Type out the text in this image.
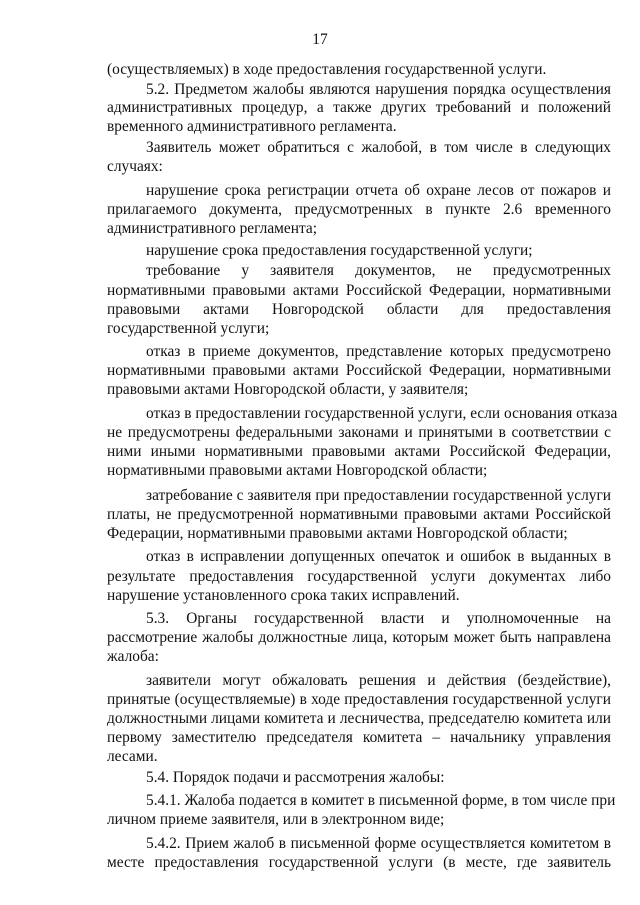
17
(осуществляемых) в ходе предоставления государственной услуги.
5.2. Предметом жалобы являются нарушения порядка осуществления
административных процедур, а также других требований и положений
временного административного регламента.
Заявитель может обратиться с жалобой, в том числе в следующих
случаях:
нарушение срока регистрации отчета об охране лесов от пожаров и
прилагаемого документа, предусмотренных в пункте 2.6 временного
административного регламента;
нарушение срока предоставления государственной услуги;
требование у заявителя документов, не предусмотренных
нормативными правовыми актами Российской Федерации, нормативными
правовыми актами Новгородской области для предоставления
государственной услуги;
отказ в приеме документов, представление которых предусмотрено
нормативными правовыми актами Российской Федерации, нормативными
правовыми актами Новгородской области, у заявителя;
отказ в предоставлении государственной услуги, если основания отказа
не предусмотрены федеральными законами и принятыми в соответствии с
ними иными нормативными правовыми актами Российской Федерации,
нормативными правовыми актами Новгородской области;
затребование с заявителя при предоставлении государственной услуги
платы, не предусмотренной нормативными правовыми актами Российской
Федерации, нормативными правовыми актами Новгородской области;
отказ в исправлении допущенных опечаток и ошибок в выданных в
результате предоставления государственной услуги документах либо
нарушение установленного срока таких исправлений.
5.3. Органы государственной власти и уполномоченные на
рассмотрение жалобы должностные лица, которым может быть направлена
жалоба:
заявители могут обжаловать решения и действия (бездействие),
принятые (осуществляемые) в ходе предоставления государственной услуги
должностными лицами комитета и лесничества, председателю комитета или
первому заместителю председателя комитета – начальнику управления
лесами.
5.4. Порядок подачи и рассмотрения жалобы:
5.4.1. Жалоба подается в комитет в письменной форме, в том числе при
личном приеме заявителя, или в электронном виде;
5.4.2. Прием жалоб в письменной форме осуществляется комитетом в
месте предоставления государственной услуги (в месте, где заявитель
